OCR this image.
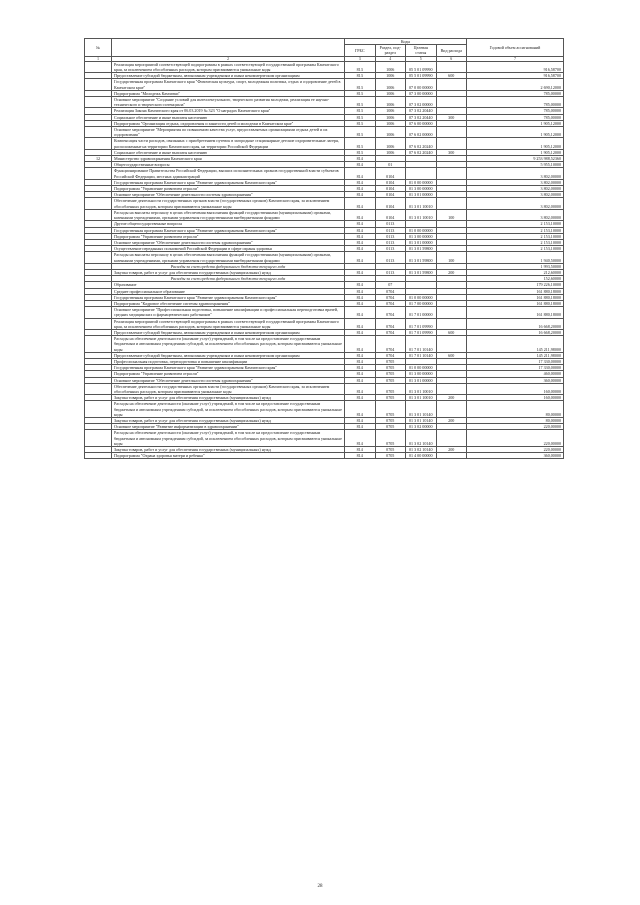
№		Коды				Годовой объем ассигнований
		ГРБС	Раздел, под-раздел	Целевая статья	Вид расхода	
1	2	3	4	5	6	7
	Реализация мероприятий соответствующей подпрограммы в рамках соответствующей государственной программы Камчатского края, за исключением обособленных расходов, которым присваиваются уникальные коды	813	1006	05 5 01 09990		916,58700
	Предоставление субсидий бюджетным, автономным учреждениям и иным некоммерческим организациям	813	1006	05 5 01 09990	600	916,58700
	Государственная программа Камчатского края "Физическая культура, спорт, молодежная политика, отдых и оздоровление детей в Камчатском крае"	813	1006	07 0 00 00000		2 690,12000
	Подпрограмма "Молодежь Камчатки"	813	1006	07 3 00 00000		785,00000
	Основное мероприятие "Создание условий для интеллектуального, творческого развития молодежи, реализация ее научно-технического и творческого потенциала"	813	1006	07 3 02 00000		785,00000
	Реализация Закона Камчатского края от 06.03.2019 № 323 "О наградах Камчатского края"	813	1006	07 3 02 20440		785,00000
	Социальное обеспечение и иные выплаты населению	813	1006	07 3 02 20440	300	785,00000
	Подпрограмма "Организация отдыха, оздоровления и занятости детей и молодежи в Камчатском крае"	813	1006	07 6 00 00000		1 905,12000
	Основное мероприятие "Мероприятия по повышению качества услуг, предоставляемых организациями отдыха детей и их оздоровления"	813	1006	07 6 02 00000		1 905,12000
	Компенсация части расходов, связанных с приобретением путевок в загородные стационарные детские оздоровительные лагеря, расположенные на территории Камчатского края, на территории Российской Федерации	813	1006	07 6 02 20240		1 905,12000
	Социальное обеспечение и иные выплаты населению	813	1006	07 6 02 20240	300	1 905,12000
12	Министерство здравоохранения Камчатского края	814				9 253 988,52360
	Общегосударственные вопросы	814	01			5 955,10000
	Функционирование Правительства Российской Федерации, высших исполнительных органов государственной власти субъектов Российской Федерации, местных администраций	814	0104			3 802,00000
	Государственная программа Камчатского края "Развитие здравоохранения Камчатского края"	814	0104	01 0 00 00000		3 802,00000
	Подпрограмма "Управление развитием отрасли"	814	0104	01 3 00 00000		3 802,00000
	Основное мероприятие "Обеспечение деятельности системы здравоохранения"	814	0104	01 3 01 00000		3 802,00000
	Обеспечение деятельности государственных органов власти (государственных органов) Камчатского края, за исключением обособленных расходов, которым присваиваются уникальные коды	814	0104	01 3 01 10010		3 802,00000
	Расходы на выплаты персоналу в целях обеспечения выполнения функций государственными (муниципальными) органами, казенными учреждениями, органами управления государственными внебюджетными фондами	814	0104	01 3 01 10010	100	3 802,00000
	Другие общегосударственные вопросы	814	0113			2 153,10000
	Государственная программа Камчатского края "Развитие здравоохранения Камчатского края"	814	0113	01 0 00 00000		2 153,10000
	Подпрограмма "Управление развитием отрасли"	814	0113	01 3 00 00000		2 153,10000
	Основное мероприятие "Обеспечение деятельности системы здравоохранения"	814	0113	01 3 01 00000		2 153,10000
	Осуществление переданных полномочий Российской Федерации в сфере охраны здоровья	814	0113	01 3 01 59800		2 153,10000
	Расходы на выплаты персоналу в целях обеспечения выполнения функций государственными (муниципальными) органами, казенными учреждениями, органами управления государственными внебюджетными фондами	814	0113	01 3 01 59800	100	1 940,50000
	Расходы за счет средств федерального бюджета текущего года					1 993,50000
	Закупка товаров, работ и услуг для обеспечения государственных (муниципальных) нужд	814	0113	01 3 01 59800	200	212,60000
	Расходы за счет средств федерального бюджета текущего года					152,60000
	Образование	814	07			179 226,10000
	Среднее профессиональное образование	814	0704			161 880,18000
	Государственная программа Камчатского края "Развитие здравоохранения Камчатского края"	814	0704	01 0 00 00000		161 880,18000
	Подпрограмма "Кадровое обеспечение системы здравоохранения"	814	0704	01 7 00 00000		161 880,18000
	Основное мероприятие "Профессиональная подготовка, повышение квалификации и профессиональная переподготовка врачей, средних медицинских и фармацевтических работников"	814	0704	01 7 01 00000		161 880,18000
	Реализация мероприятий соответствующей подпрограммы в рамках соответствующей государственной программы Камчатского края, за исключением обособленных расходов, которым присваиваются уникальные коды	814	0704	01 7 01 09990		16 668,20000
	Предоставление субсидий бюджетным, автономным учреждениям и иным некоммерческим организациям	814	0704	01 7 01 09990	600	16 668,20000
	Расходы на обеспечение деятельности (оказание услуг) учреждений, в том числе на предоставление государственным бюджетным и автономным учреждениям субсидий, за исключением обособленных расходов, которым присваиваются уникальные коды	814	0704	01 7 01 10140		145 211,98000
	Предоставление субсидий бюджетным, автономным учреждениям и иным некоммерческим организациям	814	0704	01 7 01 10140	600	145 211,98000
	Профессиональная подготовка, переподготовка и повышение квалификации	814	0705			17 330,00000
	Государственная программа Камчатского края "Развитие здравоохранения Камчатского края"	814	0705	01 0 00 00000		17 330,00000
	Подпрограмма "Управление развитием отрасли"	814	0705	01 3 00 00000		460,00000
	Основное мероприятие "Обеспечение деятельности системы здравоохранения"	814	0705	01 3 01 00000		360,00000
	Обеспечение деятельности государственных органов власти (государственных органов) Камчатского края, за исключением обособленных расходов, которым присваиваются уникальные коды	814	0705	01 3 01 10010		160,00000
	Закупка товаров, работ и услуг для обеспечения государственных (муниципальных) нужд	814	0705	01 3 01 10010	200	160,00000
	Расходы на обеспечение деятельности (оказание услуг) учреждений, в том числе на предоставление государственным бюджетным и автономным учреждениям субсидий, за исключением обособленных расходов, которым присваиваются уникальные коды	814	0705	01 3 01 10140		80,00000
	Закупка товаров, работ и услуг для обеспечения государственных (муниципальных) нужд	814	0705	01 3 01 10140	200	80,00000
	Основное мероприятие "Развитие информатизации в здравоохранении"	814	0705	01 3 02 00000		220,00000
	Расходы на обеспечение деятельности (оказание услуг) учреждений, в том числе на предоставление государственным бюджетным и автономным учреждениям субсидий, за исключением обособленных расходов, которым присваиваются уникальные коды	814	0705	01 3 02 10140		220,00000
	Закупка товаров, работ и услуг для обеспечения государственных (муниципальных) нужд	814	0705	01 3 02 10140	200	220,00000
	Подпрограмма "Охрана здоровья матери и ребенка"	814	0705	01 4 00 00000		360,00000
28
